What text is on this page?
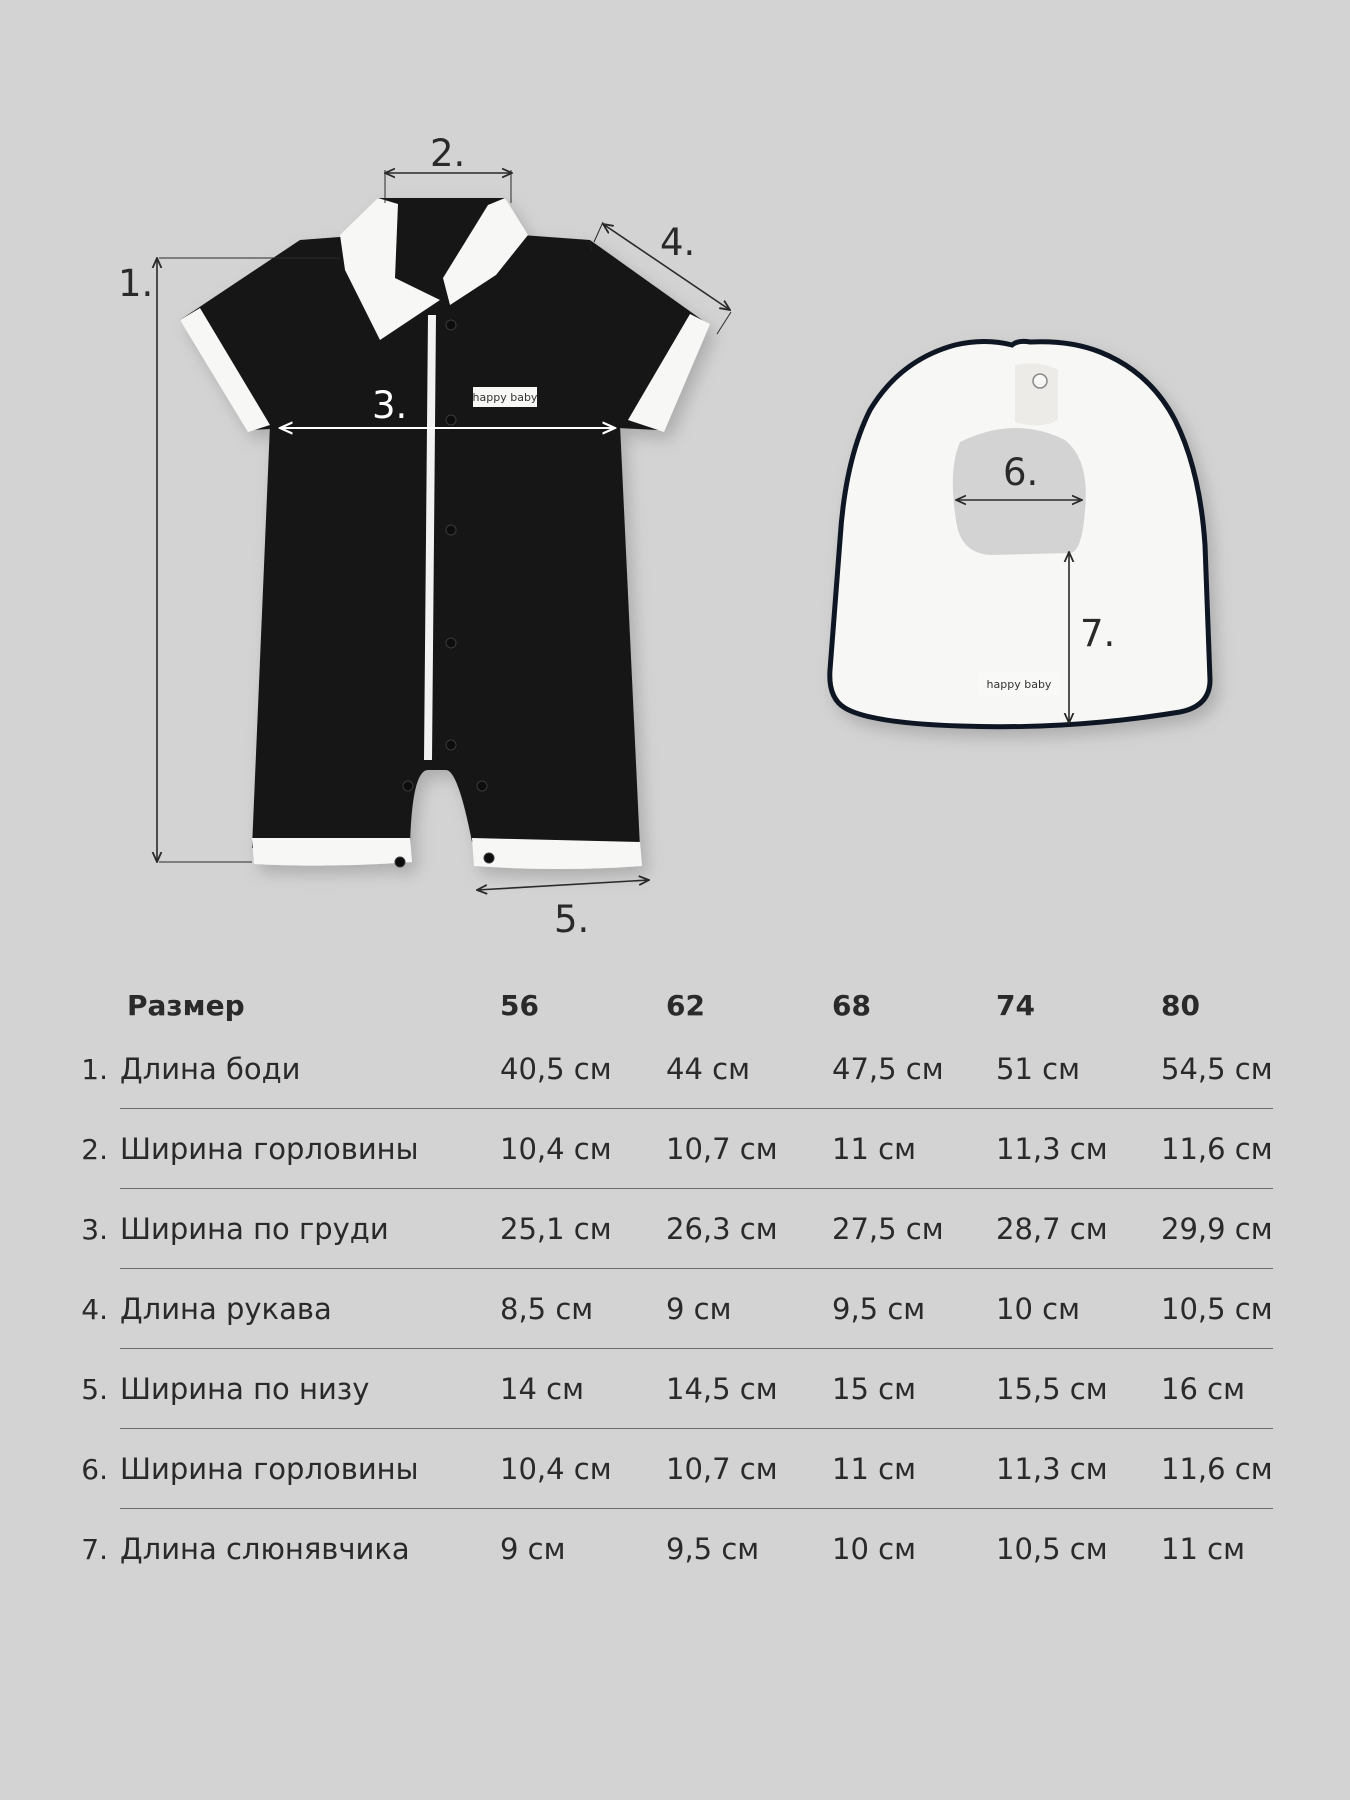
happy baby
1.
2.
4.
3.
5.
happy baby
6.
7.
Размер	56	62	68	74	80
1. Длина боди	40,5 см 44 см	47,5 см 51 см	54,5 см
2. Ширина горловины	10,4 см 10,7 см 11 см	11,3 см 11,6 см
3. Ширина по груди	25,1 см 26,3 см 27,5 см 28,7 см 29,9 см
4. Длина рукава	8,5 см	9 см	9,5 см 10 см	10,5 см
5. Ширина по низу	14 см	14,5 см 15 см	15,5 см 16 см
6. Ширина горловины	10,4 см 10,7 см 11 см	11,3 см 11,6 см
7. Длина слюнявчика	9 см	9,5 см	10 см	10,5 см 11 см
